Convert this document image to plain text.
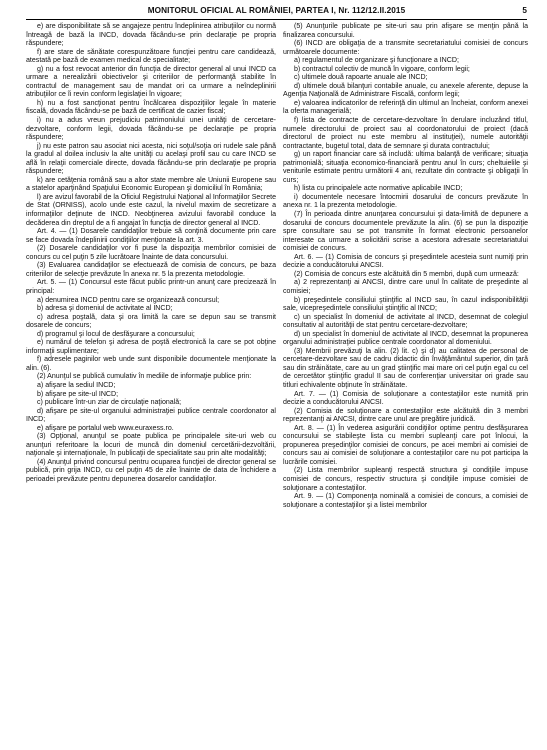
MONITORUL OFICIAL AL ROMÂNIEI, PARTEA I, Nr. 112/12.II.2015	5

e) are disponibilitate să se angajeze pentru îndeplinirea atribuţiilor cu normă întreagă de bază la INCD, dovada făcându-se prin declaraţie pe propria răspundere;

f) are stare de sănătate corespunzătoare funcţiei pentru care candidează, atestată pe bază de examen medical de specialitate;

g) nu a fost revocat anterior din funcţia de director general al unui INCD ca urmare a nerealizării obiectivelor şi criteriilor de performanţă stabilite în contractul de management sau de mandat ori ca urmare a neîndeplinirii atribuţiilor ce îi revin conform legislaţiei în vigoare;

h) nu a fost sancţionat pentru încălcarea dispoziţiilor legale în materie fiscală, dovada făcându-se pe bază de certificat de cazier fiscal;

i) nu a adus vreun prejudiciu patrimoniului unei unităţi de cercetare-dezvoltare, conform legii, dovada făcându-se pe declaraţie pe propria răspundere;

j) nu este patron sau asociat nici acesta, nici soţul/soţia ori rudele sale până la gradul al doilea inclusiv la alte unităţi cu acelaşi profil sau cu care INCD se află în relaţii comerciale directe, dovada făcându-se prin declaraţie pe propria răspundere;

k) are cetăţenia română sau a altor state membre ale Uniunii Europene sau a statelor aparţinând Spaţiului Economic European şi domiciliul în România;

l) are avizul favorabil de la Oficiul Registrului Naţional al Informaţiilor Secrete de Stat (ORNISS), acolo unde este cazul, la nivelul maxim de secretizare a informaţiilor deţinute de INCD. Neobţinerea avizului favorabil conduce la decăderea din dreptul de a fi angajat în funcţia de director general al INCD.

Art. 4. — (1) Dosarele candidaţilor trebuie să conţină documente prin care se face dovada îndeplinirii condiţiilor menţionate la art. 3.

(2) Dosarele candidaţilor vor fi puse la dispoziţia membrilor comisiei de concurs cu cel puţin 5 zile lucrătoare înainte de data concursului.

(3) Evaluarea candidaţilor se efectuează de comisia de concurs, pe baza criteriilor de selecţie prevăzute în anexa nr. 5 la prezenta metodologie.

Art. 5. — (1) Concursul este făcut public printr-un anunţ care precizează în principal:

a) denumirea INCD pentru care se organizează concursul;

b) adresa şi domeniul de activitate al INCD;

c) adresa poştală, data şi ora limită la care se depun sau se transmit dosarele de concurs;

d) programul şi locul de desfăşurare a concursului;

e) numărul de telefon şi adresa de poştă electronică la care se pot obţine informaţii suplimentare;

f) adresele paginilor web unde sunt disponibile documentele menţionate la alin. (6).

(2) Anunţul se publică cumulativ în mediile de informaţie publice prin:

a) afişare la sediul INCD;

b) afişare pe site-ul INCD;

c) publicare într-un ziar de circulaţie naţională;

d) afişare pe site-ul organului administraţiei publice centrale coordonator al INCD;

e) afişare pe portalul web www.euraxess.ro.

(3) Opţional, anunţul se poate publica pe principalele site-uri web cu anunţuri referitoare la locuri de muncă din domeniul cercetării-dezvoltării, naţionale şi internaţionale, în publicaţii de specialitate sau prin alte modalităţi;

(4) Anunţul privind concursul pentru ocuparea funcţiei de director general se publică, prin grija INCD, cu cel puţin 45 de zile înainte de data de închidere a perioadei prevăzute pentru depunerea dosarelor candidaţilor.

(5) Anunţurile publicate pe site-uri sau prin afişare se menţin până la finalizarea concursului.

(6) INCD are obligaţia de a transmite secretariatului comisiei de concurs următoarele documente:

a) regulamentul de organizare şi funcţionare a INCD;

b) contractul colectiv de muncă în vigoare, conform legii;

c) ultimele două rapoarte anuale ale INCD;

d) ultimele două bilanţuri contabile anuale, cu anexele aferente, depuse la Agenţia Naţională de Administrare Fiscală, conform legii;

e) valoarea indicatorilor de referinţă din ultimul an încheiat, conform anexei la oferta managerială;

f) lista de contracte de cercetare-dezvoltare în derulare incluzând titlul, numele directorului de proiect sau al coordonatorului de proiect (dacă directorul de proiect nu este membru al instituţiei), numele autorităţii contractante, bugetul total, data de semnare şi durata contractului;

g) un raport financiar care să includă: ultima balanţă de verificare; situaţia patrimonială; situaţia economico-financiară pentru anul în curs; cheltuielile şi veniturile estimate pentru următorii 4 ani, rezultate din contracte şi obligaţii în curs;

h) lista cu principalele acte normative aplicabile INCD;

i) documentele necesare întocmirii dosarului de concurs prevăzute în anexa nr. 1 la prezenta metodologie.

(7) În perioada dintre anunţarea concursului şi data-limită de depunere a dosarului de concurs documentele prevăzute la alin. (6) se pun la dispoziţie spre consultare sau se pot transmite în format electronic persoanelor interesate ca urmare a solicitării scrise a acestora adresate secretariatului comisiei de concurs.

Art. 6. — (1) Comisia de concurs şi preşedintele acesteia sunt numiţi prin decizie a conducătorului ANCSI.

(2) Comisia de concurs este alcătuită din 5 membri, după cum urmează:

a) 2 reprezentanţi ai ANCSI, dintre care unul în calitate de preşedinte al comisiei;

b) preşedintele consiliului ştiinţific al INCD sau, în cazul indisponibilităţii sale, vicepreşedintele consiliului ştiinţific al INCD;

c) un specialist în domeniul de activitate al INCD, desemnat de colegiul consultativ al autorităţii de stat pentru cercetare-dezvoltare;

d) un specialist în domeniul de activitate al INCD, desemnat la propunerea organului administraţiei publice centrale coordonator al domeniului.

(3) Membrii prevăzuţi la alin. (2) lit. c) şi d) au calitatea de personal de cercetare-dezvoltare sau de cadru didactic din învăţământul superior, din ţară sau din străinătate, care au un grad ştiinţific mai mare ori cel puţin egal cu cel de cercetător ştiinţific gradul II sau de conferenţiar universitar ori grade sau titluri echivalente obţinute în străinătate.

Art. 7. — (1) Comisia de soluţionare a contestaţiilor este numită prin decizie a conducătorului ANCSI.

(2) Comisia de soluţionare a contestaţiilor este alcătuită din 3 membri reprezentanţi ai ANCSI, dintre care unul are pregătire juridică.

Art. 8. — (1) În vederea asigurării condiţiilor optime pentru desfăşurarea concursului se stabileşte lista cu membri supleanţi care pot înlocui, la propunerea preşedinţilor comisiei de concurs, pe acei membri ai comisiei de concurs sau ai comisiei de soluţionare a contestaţiilor care nu pot participa la lucrările comisiei.

(2) Lista membrilor supleanţi respectă structura şi condiţiile impuse comisiei de concurs, respectiv structura şi condiţiile impuse comisiei de soluţionare a contestaţiilor.

Art. 9. — (1) Componenţa nominală a comisiei de concurs, a comisiei de soluţionare a contestaţiilor şi a listei membrilor
